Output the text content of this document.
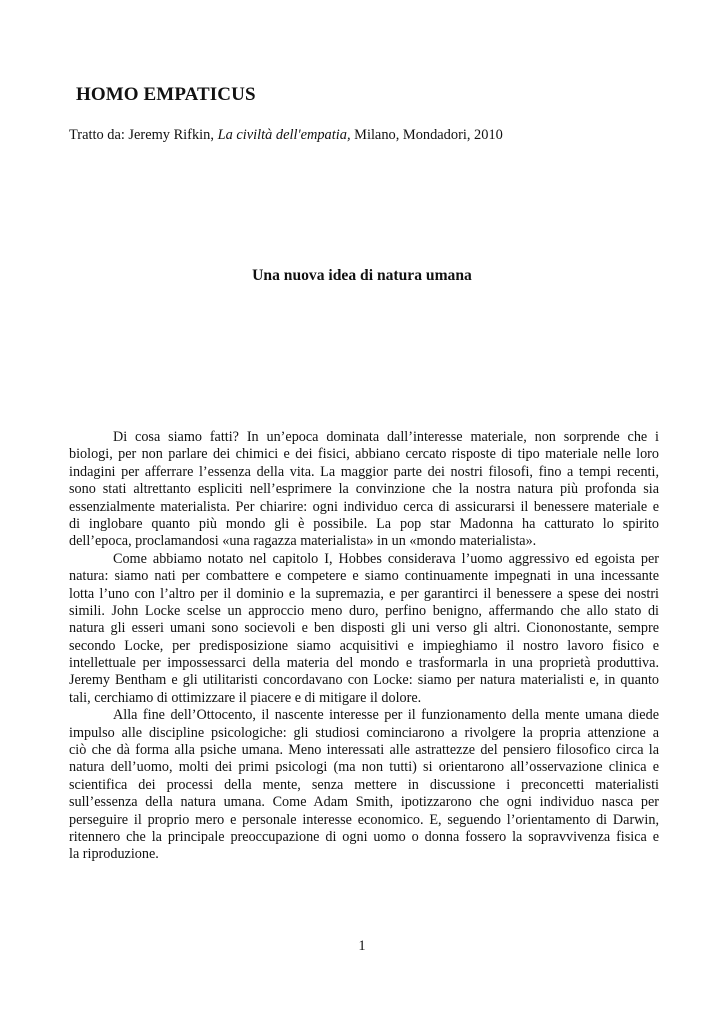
HOMO EMPATICUS
Tratto da: Jeremy Rifkin, La civiltà dell'empatia, Milano, Mondadori, 2010
Una nuova idea di natura umana
Di cosa siamo fatti? In un’epoca dominata dall’interesse materiale, non sorprende che i
biologi, per non parlare dei chimici e dei fisici, abbiano cercato risposte di tipo materiale nelle loro
indagini per afferrare l’essenza della vita. La maggior parte dei nostri filosofi, fino a tempi recenti,
sono stati altrettanto espliciti nell’esprimere la convinzione che la nostra natura più profonda sia
essenzialmente materialista. Per chiarire: ogni individuo cerca di assicurarsi il benessere materiale e
di inglobare quanto più mondo gli è possibile. La pop star Madonna ha catturato lo spirito
dell’epoca, proclamandosi «una ragazza materialista» in un «mondo materialista».
Come abbiamo notato nel capitolo I, Hobbes considerava l’uomo aggressivo ed egoista per
natura: siamo nati per combattere e competere e siamo continuamente impegnati in una incessante
lotta l’uno con l’altro per il dominio e la supremazia, e per garantirci il benessere a spese dei nostri
simili. John Locke scelse un approccio meno duro, perfino benigno, affermando che allo stato di
natura gli esseri umani sono socievoli e ben disposti gli uni verso gli altri. Ciononostante, sempre
secondo Locke, per predisposizione siamo acquisitivi e impieghiamo il nostro lavoro fisico e
intellettuale per impossessarci della materia del mondo e trasformarla in una proprietà produttiva.
Jeremy Bentham e gli utilitaristi concordavano con Locke: siamo per natura materialisti e, in quanto
tali, cerchiamo di ottimizzare il piacere e di mitigare il dolore.
Alla fine dell’Ottocento, il nascente interesse per il funzionamento della mente umana diede
impulso alle discipline psicologiche: gli studiosi cominciarono a rivolgere la propria attenzione a
ciò che dà forma alla psiche umana. Meno interessati alle astrattezze del pensiero filosofico circa la
natura dell’uomo, molti dei primi psicologi (ma non tutti) si orientarono all’osservazione clinica e
scientifica dei processi della mente, senza mettere in discussione i preconcetti materialisti
sull’essenza della natura umana. Come Adam Smith, ipotizzarono che ogni individuo nasca per
perseguire il proprio mero e personale interesse economico. E, seguendo l’orientamento di Darwin,
ritennero che la principale preoccupazione di ogni uomo o donna fossero la sopravvivenza fisica e
la riproduzione.
1
